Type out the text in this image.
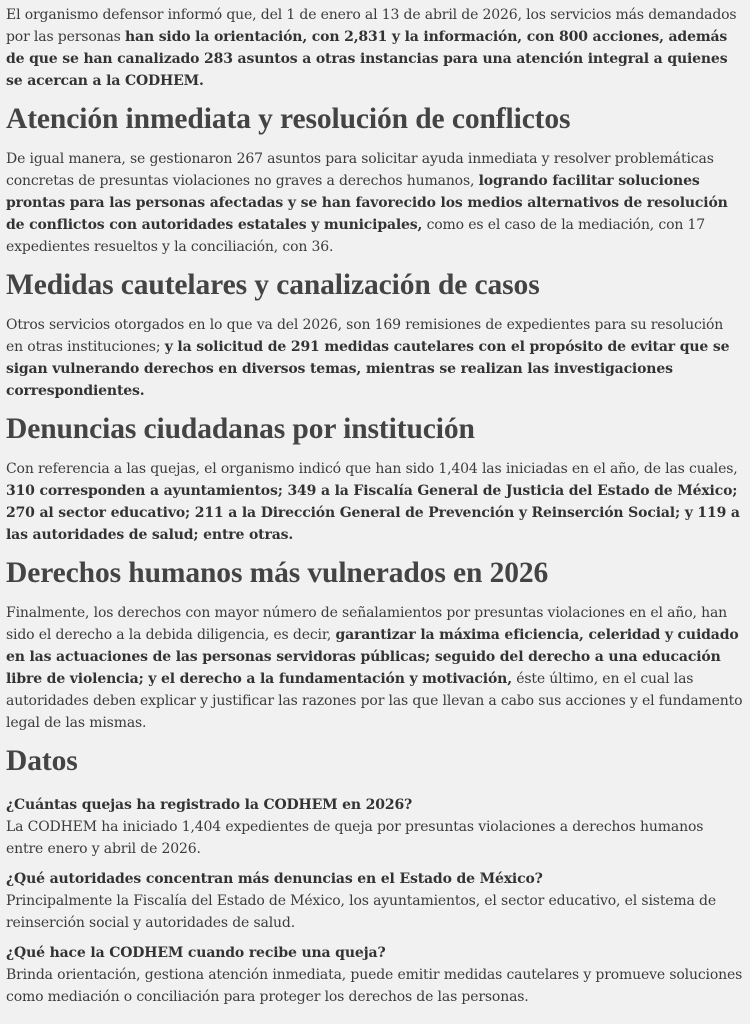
El organismo defensor informó que, del 1 de enero al 13 de abril de 2026, los servicios más demandados por las personas han sido la orientación, con 2,831 y la información, con 800 acciones, además de que se han canalizado 283 asuntos a otras instancias para una atención integral a quienes se acercan a la CODHEM.

Atención inmediata y resolución de conflictos

De igual manera, se gestionaron 267 asuntos para solicitar ayuda inmediata y resolver problemáticas concretas de presuntas violaciones no graves a derechos humanos, logrando facilitar soluciones prontas para las personas afectadas y se han favorecido los medios alternativos de resolución de conflictos con autoridades estatales y municipales, como es el caso de la mediación, con 17 expedientes resueltos y la conciliación, con 36.

Medidas cautelares y canalización de casos

Otros servicios otorgados en lo que va del 2026, son 169 remisiones de expedientes para su resolución en otras instituciones; y la solicitud de 291 medidas cautelares con el propósito de evitar que se sigan vulnerando derechos en diversos temas, mientras se realizan las investigaciones correspondientes.

Denuncias ciudadanas por institución

Con referencia a las quejas, el organismo indicó que han sido 1,404 las iniciadas en el año, de las cuales, 310 corresponden a ayuntamientos; 349 a la Fiscalía General de Justicia del Estado de México; 270 al sector educativo; 211 a la Dirección General de Prevención y Reinserción Social; y 119 a las autoridades de salud; entre otras.

Derechos humanos más vulnerados en 2026

Finalmente, los derechos con mayor número de señalamientos por presuntas violaciones en el año, han sido el derecho a la debida diligencia, es decir, garantizar la máxima eficiencia, celeridad y cuidado en las actuaciones de las personas servidoras públicas; seguido del derecho a una educación libre de violencia; y el derecho a la fundamentación y motivación, éste último, en el cual las autoridades deben explicar y justificar las razones por las que llevan a cabo sus acciones y el fundamento legal de las mismas.

Datos

¿Cuántas quejas ha registrado la CODHEM en 2026?

La CODHEM ha iniciado 1,404 expedientes de queja por presuntas violaciones a derechos humanos entre enero y abril de 2026.

¿Qué autoridades concentran más denuncias en el Estado de México?

Principalmente la Fiscalía del Estado de México, los ayuntamientos, el sector educativo, el sistema de reinserción social y autoridades de salud.

¿Qué hace la CODHEM cuando recibe una queja?

Brinda orientación, gestiona atención inmediata, puede emitir medidas cautelares y promueve soluciones como mediación o conciliación para proteger los derechos de las personas.
